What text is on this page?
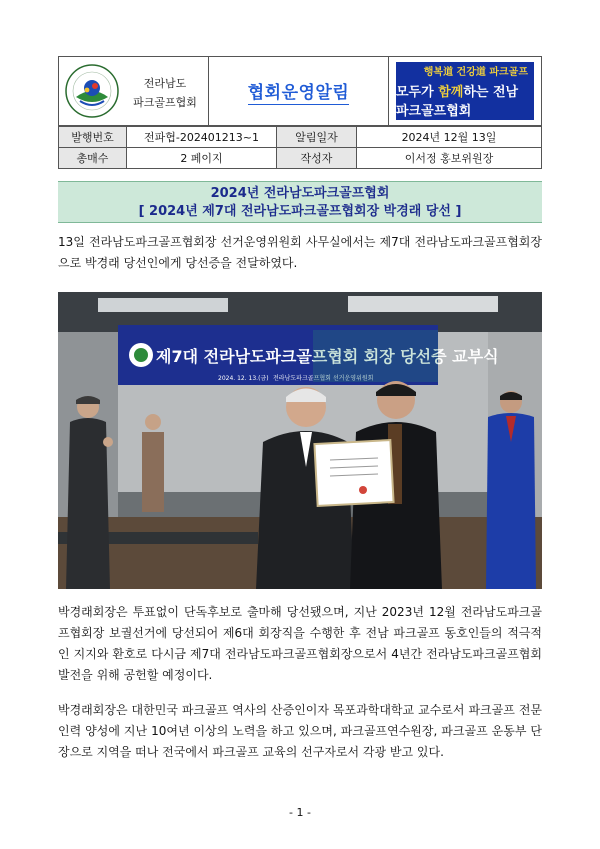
전라남도
파크골프협회	협회운영알림
행복道 건강道 파크골프
모두가 함께하는 전남파크골프협회
발행번호	전파협-202401213~1	알림일자	2024년 12월 13일
총매수	2 페이지	작성자	이서정 홍보위원장
2024년 전라남도파크골프협회
[ 2024년 제7대 전라남도파크골프협회장 박경래 당선 ]
13일 전라남도파크골프협회장 선거운영위원회 사무실에서는 제7대 전라남도파크골프협회장으로 박경래 당선인에게 당선증을 전달하였다.
제7대 전라남도파크골프협회 회장 당선증 교부식
2024. 12. 13.(금) 전라남도파크골프협회 선거운영위원회
박경래회장은 투표없이 단독후보로 출마해 당선됐으며, 지난 2023년 12월 전라남도파크골프협회장 보궐선거에 당선되어 제6대 회장직을 수행한 후 전남 파크골프 동호인들의 적극적인 지지와 환호로 다시금 제7대 전라남도파크골프협회장으로서 4년간 전라남도파크골프협회 발전을 위해 공헌할 예정이다.
박경래회장은 대한민국 파크골프 역사의 산증인이자 목포과학대학교 교수로서 파크골프 전문인력 양성에 지난 10여년 이상의 노력을 하고 있으며, 파크골프연수원장, 파크골프 운동부 단장으로 지역을 떠나 전국에서 파크골프 교육의 선구자로서 각광 받고 있다.
- 1 -
